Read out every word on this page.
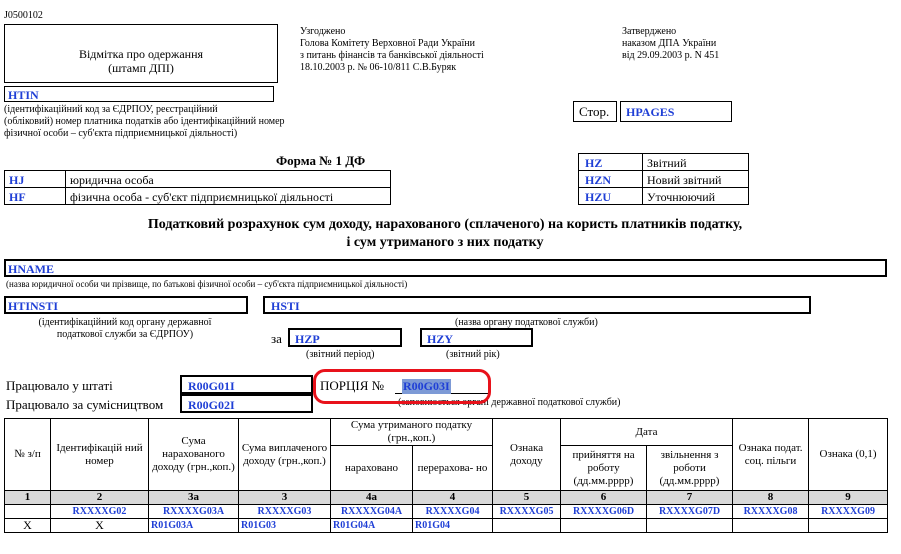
J0500102
Відмітка про одержання
(штамп ДПІ)
Узгоджено
Голова Комітету Верховної Ради України
з питань фінансів та банківської діяльності
18.10.2003 р. № 06-10/811 С.В.Буряк
Затверджено
наказом ДПА України
від 29.09.2003 р. N 451
HTIN
(ідентифікаційний код за ЄДРПОУ, реєстраційний
(обліковий) номер платника податків або ідентифікаційний номер
фізичної особи – суб'єкта підприємницької діяльності)
Стор. HPAGES
Форма № 1 ДФ
HJ	юридична особа
HF	фізична особа - суб'єкт підприємницької діяльності
HZ	Звітний
HZN	Новий звітний
HZU	Уточнюючий
Податковий розрахунок сум доходу, нарахованого (сплаченого) на користь платників податку,
і сум утриманого з них податку
HNAME
(назва юридичної особи чи прізвище, по батькові фізичної особи – суб'єкта підприємницької діяльності)
HTINSTI	HSTI
(ідентифікаційний код органу державної
податкової служби за ЄДРПОУ)
(назва органу податкової служби)
за HZP	HZY
(звітний період)	(звітний рік)
Працювало у штаті	R00G01I
Працювало за сумісництвом R00G02I
ПОРЦІЯ № R00G03I
(заповнюється органі державної податкової служби)
№ з/п	Ідентифікацій ний номер	Сума нарахованого доходу (грн.,коп.)	Сума виплаченого доходу (грн.,коп.)	Сума утриманого податку (грн.,коп.)		Ознака доходу	Дата		Ознака подат. соц. пільги	Ознака (0,1)
				нараховано	перерахова- но		прийняття на роботу (дд.мм.рррр)	звільнення з роботи (дд.мм.рррр)		
1	2	3а	3	4а	4	5	6	7	8	9
	RXXXXG02	RXXXXG03A	RXXXXG03	RXXXXG04A	RXXXXG04	RXXXXG05	RXXXXG06D	RXXXXG07D	RXXXXG08	RXXXXG09
X	X	R01G03A	R01G03	R01G04A	R01G04					
